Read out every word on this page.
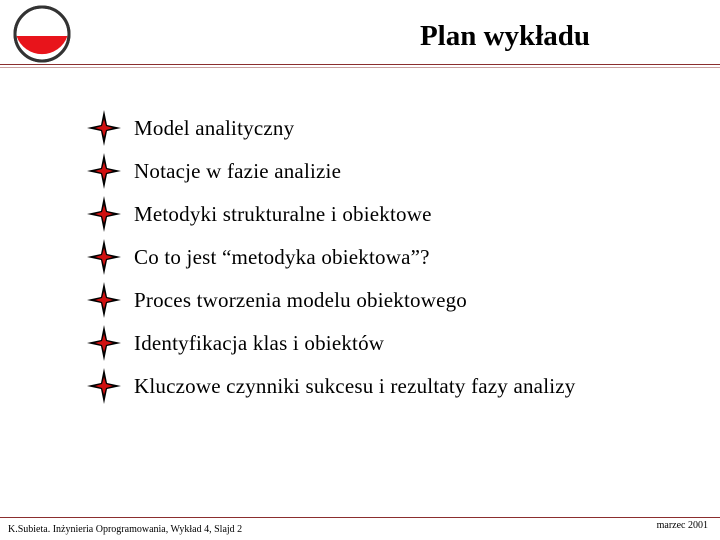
Plan wykładu
Model analityczny
Notacje w fazie analizie
Metodyki strukturalne i obiektowe
Co to jest “metodyka obiektowa”?
Proces tworzenia modelu obiektowego
Identyfikacja klas i obiektów
Kluczowe czynniki sukcesu i rezultaty fazy analizy
K.Subieta. Inżynieria Oprogramowania, Wykład 4, Slajd 2	marzec 2001
